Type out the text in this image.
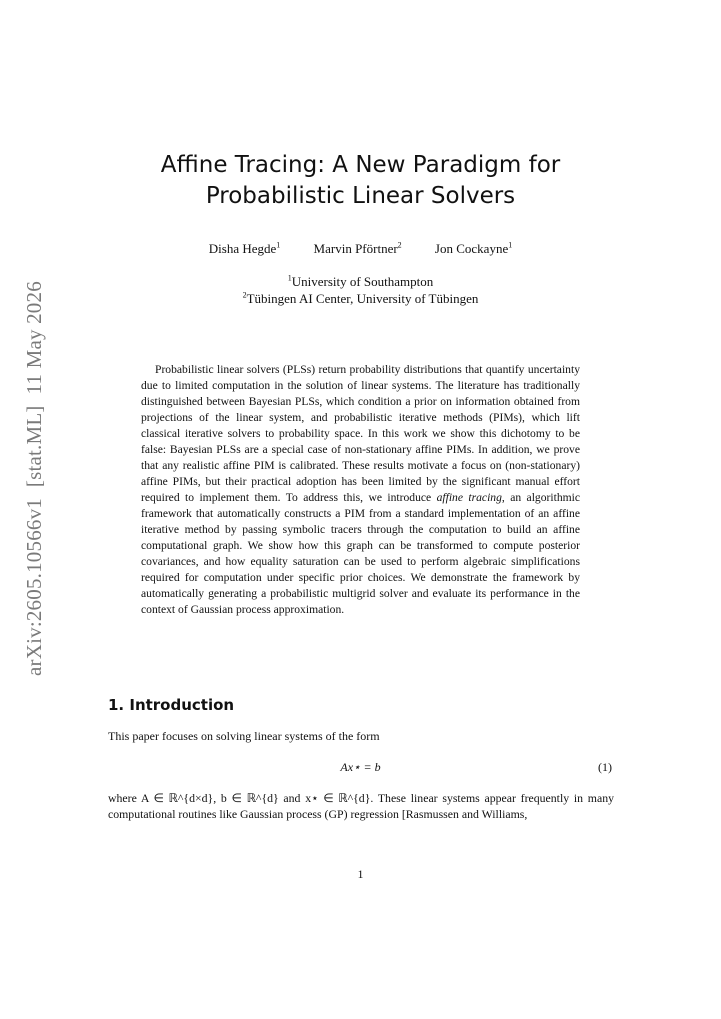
arXiv:2605.10566v1  [stat.ML]  11 May 2026
Affine Tracing: A New Paradigm for
Probabilistic Linear Solvers
Disha Hegde$^1$	Marvin Pförtner$^2$	Jon Cockayne$^1$
$^1$University of Southampton
$^2$Tübingen AI Center, University of Tübingen
Probabilistic linear solvers (PLSs) return probability distributions that quantify uncertainty due to limited computation in the solution of linear systems. The literature has traditionally distinguished between Bayesian PLSs, which condition a prior on information obtained from projections of the linear system, and probabilistic iterative methods (PIMs), which lift classical iterative solvers to probability space. In this work we show this dichotomy to be false: Bayesian PLSs are a special case of non-stationary affine PIMs. In addition, we prove that any realistic affine PIM is calibrated. These results motivate a focus on (non-stationary) affine PIMs, but their practical adoption has been limited by the significant manual effort required to implement them. To address this, we introduce affine tracing, an algorithmic framework that automatically constructs a PIM from a standard implementation of an affine iterative method by passing symbolic tracers through the computation to build an affine computational graph. We show how this graph can be transformed to compute posterior covariances, and how equality saturation can be used to perform algebraic simplifications required for computation under specific prior choices. We demonstrate the framework by automatically generating a probabilistic multigrid solver and evaluate its performance in the context of Gaussian process approximation.
1. Introduction
This paper focuses on solving linear systems of the form
Ax⋆ = b	(1)
where A ∈ ℝ^{d×d}, b ∈ ℝ^{d} and x⋆ ∈ ℝ^{d}. These linear systems appear frequently in many computational routines like Gaussian process (GP) regression [Rasmussen and Williams,
1
